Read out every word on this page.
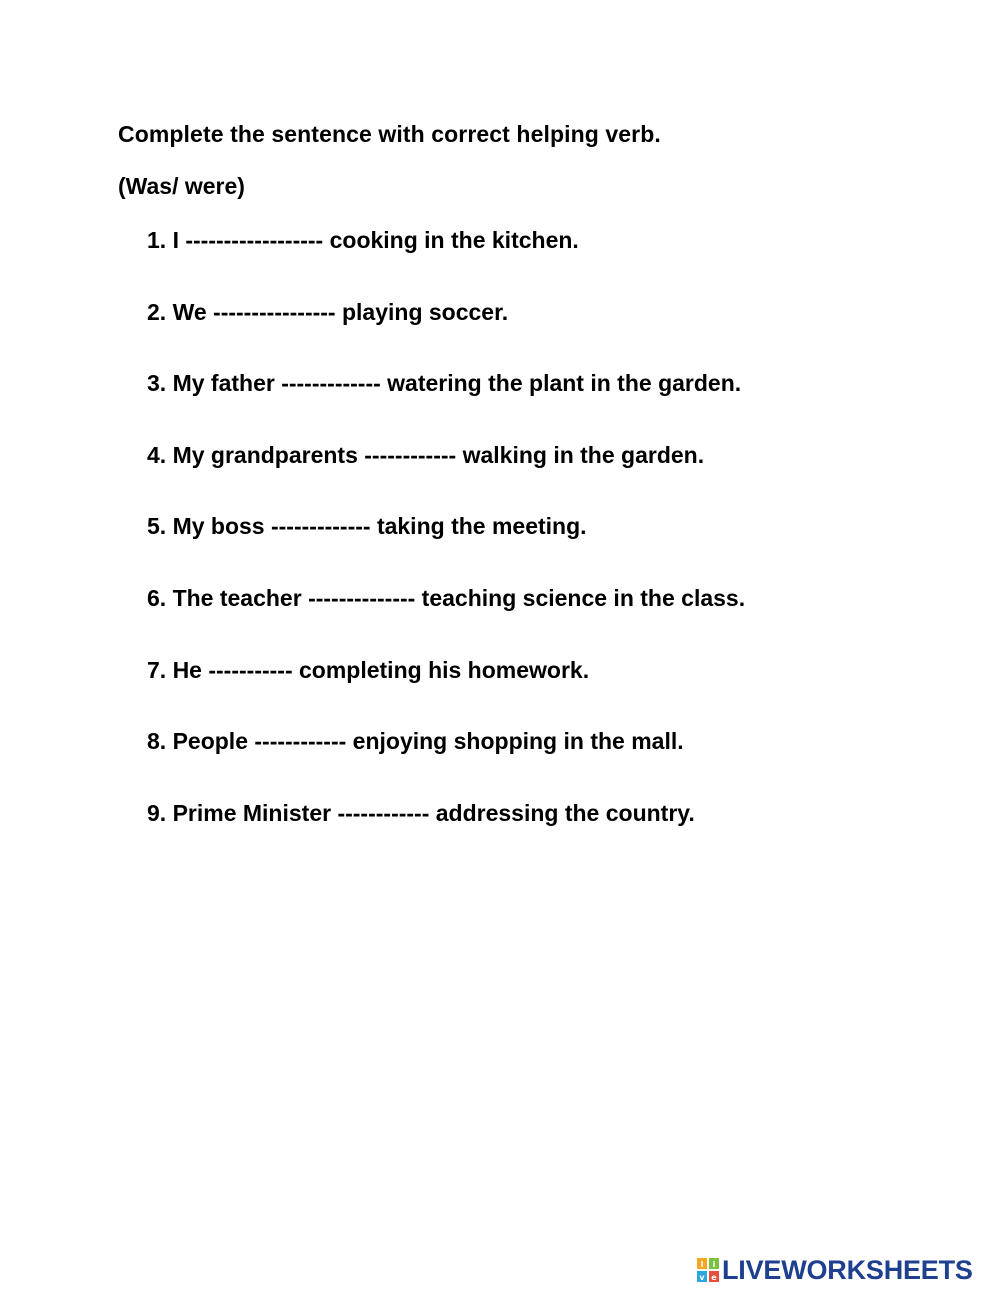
Complete the sentence with correct helping verb.
(Was/ were)
1. I ------------------ cooking in the kitchen.
2. We ---------------- playing soccer.
3. My father ------------- watering the plant in the garden.
4. My grandparents ------------ walking in the garden.
5. My boss ------------- taking the meeting.
6. The teacher -------------- teaching science in the class.
7. He ----------- completing his homework.
8. People ------------ enjoying shopping in the mall.
9. Prime Minister ------------ addressing the country.
l i
v e LIVEWORKSHEETS
